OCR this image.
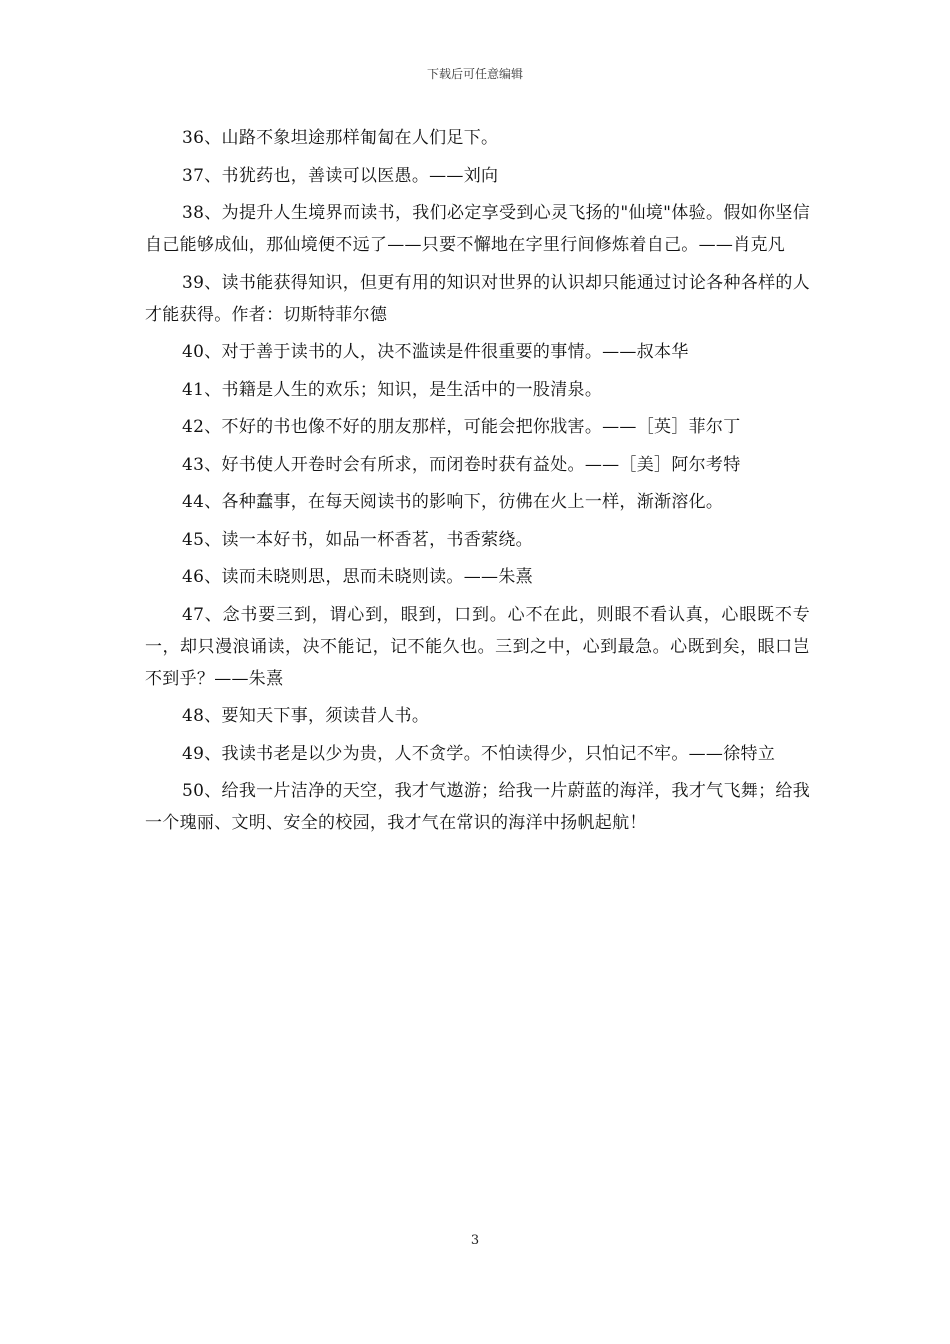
下载后可任意编辑

36、山路不象坦途那样匍匐在人们足下。

37、书犹药也，善读可以医愚。——刘向

38、为提升人生境界而读书，我们必定享受到心灵飞扬的"仙境"体验。假如你坚信自己能够成仙，那仙境便不远了——只要不懈地在字里行间修炼着自己。——肖克凡

39、读书能获得知识，但更有用的知识对世界的认识却只能通过讨论各种各样的人才能获得。作者：切斯特菲尔德

40、对于善于读书的人，决不滥读是件很重要的事情。——叔本华

41、书籍是人生的欢乐；知识，是生活中的一股清泉。

42、不好的书也像不好的朋友那样，可能会把你戕害。——［英］菲尔丁

43、好书使人开卷时会有所求，而闭卷时获有益处。——［美］阿尔考特

44、各种蠢事，在每天阅读书的影响下，彷佛在火上一样，渐渐溶化。

45、读一本好书，如品一杯香茗，书香萦绕。

46、读而未晓则思，思而未晓则读。——朱熹

47、念书要三到，谓心到，眼到，口到。心不在此，则眼不看认真，心眼既不专一，却只漫浪诵读，决不能记，记不能久也。三到之中，心到最急。心既到矣，眼口岂不到乎？——朱熹

48、要知天下事，须读昔人书。

49、我读书老是以少为贵，人不贪学。不怕读得少，只怕记不牢。——徐特立

50、给我一片洁净的天空，我才气遨游；给我一片蔚蓝的海洋，我才气飞舞；给我一个瑰丽、文明、安全的校园，我才气在常识的海洋中扬帆起航！

3
